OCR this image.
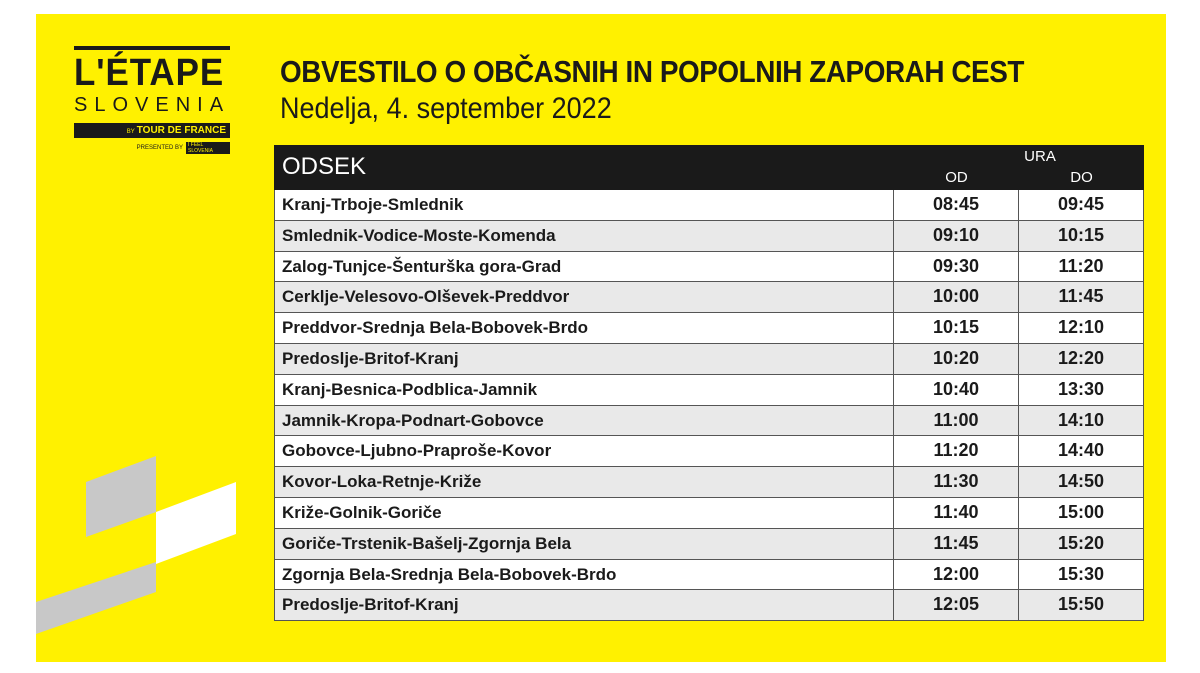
L'ÉTAPE
SLOVENIA
BY TOUR DE FRANCE
PRESENTED BY	I FEEL
SLOVENIA
OBVESTILO O OBČASNIH IN POPOLNIH ZAPORAH CEST
Nedelja, 4. september 2022
ODSEK	URA
OD	DO
Kranj-Trboje-Smlednik	08:45	09:45
Smlednik-Vodice-Moste-Komenda	09:10	10:15
Zalog-Tunjce-Šenturška gora-Grad	09:30	11:20
Cerklje-Velesovo-Olševek-Preddvor	10:00	11:45
Preddvor-Srednja Bela-Bobovek-Brdo	10:15	12:10
Predoslje-Britof-Kranj	10:20	12:20
Kranj-Besnica-Podblica-Jamnik	10:40	13:30
Jamnik-Kropa-Podnart-Gobovce	11:00	14:10
Gobovce-Ljubno-Praproše-Kovor	11:20	14:40
Kovor-Loka-Retnje-Križe	11:30	14:50
Križe-Golnik-Goriče	11:40	15:00
Goriče-Trstenik-Bašelj-Zgornja Bela	11:45	15:20
Zgornja Bela-Srednja Bela-Bobovek-Brdo	12:00	15:30
Predoslje-Britof-Kranj	12:05	15:50
